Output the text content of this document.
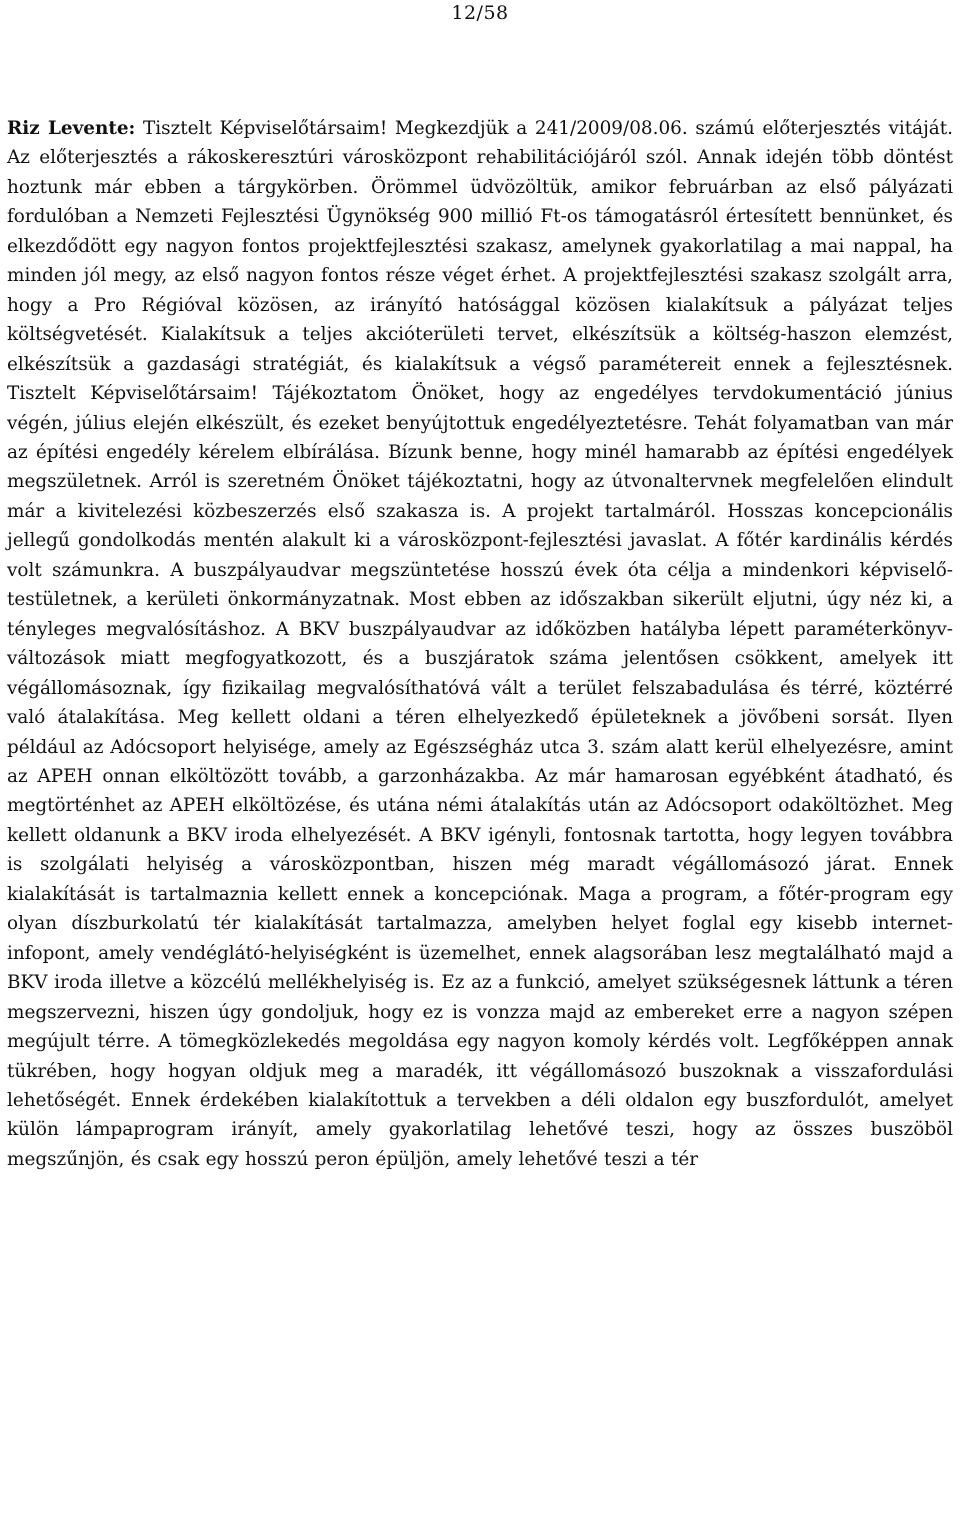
12/58

Riz Levente: Tisztelt Képviselőtársaim! Megkezdjük a 241/2009/08.06. számú előterjesztés vitáját. Az előterjesztés a rákoskeresztúri városközpont rehabilitációjáról szól. Annak idején több döntést hoztunk már ebben a tárgykörben. Örömmel üdvözöltük, amikor februárban az első pályázati fordulóban a Nemzeti Fejlesztési Ügynökség 900 millió Ft-os támogatásról értesített bennünket, és elkezdődött egy nagyon fontos projektfejlesztési szakasz, amelynek gyakorlatilag a mai nappal, ha minden jól megy, az első nagyon fontos része véget érhet. A projektfejlesztési szakasz szolgált arra, hogy a Pro Régióval közösen, az irányító hatósággal közösen kialakítsuk a pályázat teljes költségvetését. Kialakítsuk a teljes akcióterületi tervet, elkészítsük a költség-haszon elemzést, elkészítsük a gazdasági stratégiát, és kialakítsuk a végső paramétereit ennek a fejlesztésnek. Tisztelt Képviselőtársaim! Tájékoztatom Önöket, hogy az engedélyes tervdokumentáció június végén, július elején elkészült, és ezeket benyújtottuk engedélyeztetésre. Tehát folyamatban van már az építési engedély kérelem elbírálása. Bízunk benne, hogy minél hamarabb az építési engedélyek megszületnek. Arról is szeretném Önöket tájékoztatni, hogy az útvonaltervnek megfelelően elindult már a kivitelezési közbeszerzés első szakasza is. A projekt tartalmáról. Hosszas koncepcionális jellegű gondolkodás mentén alakult ki a városközpont-fejlesztési javaslat. A főtér kardinális kérdés volt számunkra. A buszpályaudvar megszüntetése hosszú évek óta célja a mindenkori képviselő-testületnek, a kerületi önkormányzatnak. Most ebben az időszakban sikerült eljutni, úgy néz ki, a tényleges megvalósításhoz. A BKV buszpályaudvar az időközben hatályba lépett paraméterkönyv-változások miatt megfogyatkozott, és a buszjáratok száma jelentősen csökkent, amelyek itt végállomásoznak, így fizikailag megvalósíthatóvá vált a terület felszabadulása és térré, köztérré való átalakítása. Meg kellett oldani a téren elhelyezkedő épületeknek a jövőbeni sorsát. Ilyen például az Adócsoport helyisége, amely az Egészségház utca 3. szám alatt kerül elhelyezésre, amint az APEH onnan elköltözött tovább, a garzonházakba. Az már hamarosan egyébként átadható, és megtörténhet az APEH elköltözése, és utána némi átalakítás után az Adócsoport odaköltözhet. Meg kellett oldanunk a BKV iroda elhelyezését. A BKV igényli, fontosnak tartotta, hogy legyen továbbra is szolgálati helyiség a városközpontban, hiszen még maradt végállomásozó járat. Ennek kialakítását is tartalmaznia kellett ennek a koncepciónak. Maga a program, a főtér-program egy olyan díszburkolatú tér kialakítását tartalmazza, amelyben helyet foglal egy kisebb internet-infopont, amely vendéglátó-helyiségként is üzemelhet, ennek alagsorában lesz megtalálható majd a BKV iroda illetve a közcélú mellékhelyiség is. Ez az a funkció, amelyet szükségesnek láttunk a téren megszervezni, hiszen úgy gondoljuk, hogy ez is vonzza majd az embereket erre a nagyon szépen megújult térre. A tömegközlekedés megoldása egy nagyon komoly kérdés volt. Legfőképpen annak tükrében, hogy hogyan oldjuk meg a maradék, itt végállomásozó buszoknak a visszafordulási lehetőségét. Ennek érdekében kialakítottuk a tervekben a déli oldalon egy buszfordulót, amelyet külön lámpaprogram irányít, amely gyakorlatilag lehetővé teszi, hogy az összes buszöböl megszűnjön, és csak egy hosszú peron épüljön, amely lehetővé teszi a tér
